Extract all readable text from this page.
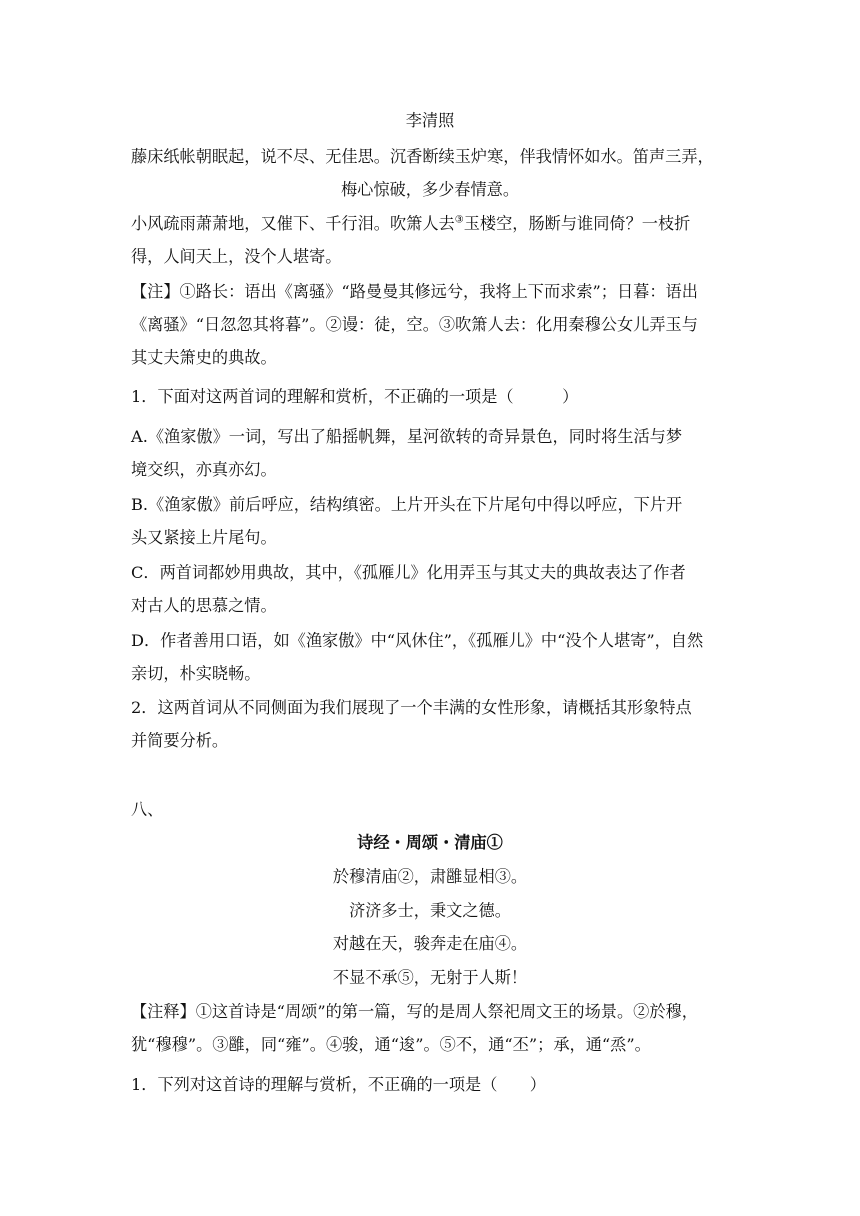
李清照
藤床纸帐朝眠起，说不尽、无佳思。沉香断续玉炉寒，伴我情怀如水。笛声三弄，
梅心惊破，多少春情意。
小风疏雨萧萧地，又催下、千行泪。吹箫人去③玉楼空，肠断与谁同倚？一枝折
得，人间天上，没个人堪寄。
【注】①路长：语出《离骚》“路曼曼其修远兮，我将上下而求索”；日暮：语出
《离骚》“日忽忽其将暮”。②谩：徒，空。③吹箫人去：化用秦穆公女儿弄玉与
其丈夫箫史的典故。
1．下面对这两首词的理解和赏析，不正确的一项是（　　　）
A.《渔家傲》一词，写出了船摇帆舞，星河欲转的奇异景色，同时将生活与梦
境交织，亦真亦幻。
B.《渔家傲》前后呼应，结构缜密。上片开头在下片尾句中得以呼应，下片开
头又紧接上片尾句。
C．两首词都妙用典故，其中，《孤雁儿》化用弄玉与其丈夫的典故表达了作者
对古人的思慕之情。
D．作者善用口语，如《渔家傲》中“风休住”，《孤雁儿》中“没个人堪寄”，自然
亲切，朴实晓畅。
2．这两首词从不同侧面为我们展现了一个丰满的女性形象，请概括其形象特点
并简要分析。
八、
诗经・周颂・清庙①
於穆清庙②，肃雝显相③。
济济多士，秉文之德。
对越在天，骏奔走在庙④。
不显不承⑤，无射于人斯！
【注释】①这首诗是“周颂”的第一篇，写的是周人祭祀周文王的场景。②於穆，
犹“穆穆”。③雝，同“雍”。④骏，通“逡”。⑤不，通“丕”；承，通“烝”。
1．下列对这首诗的理解与赏析，不正确的一项是（　　）
